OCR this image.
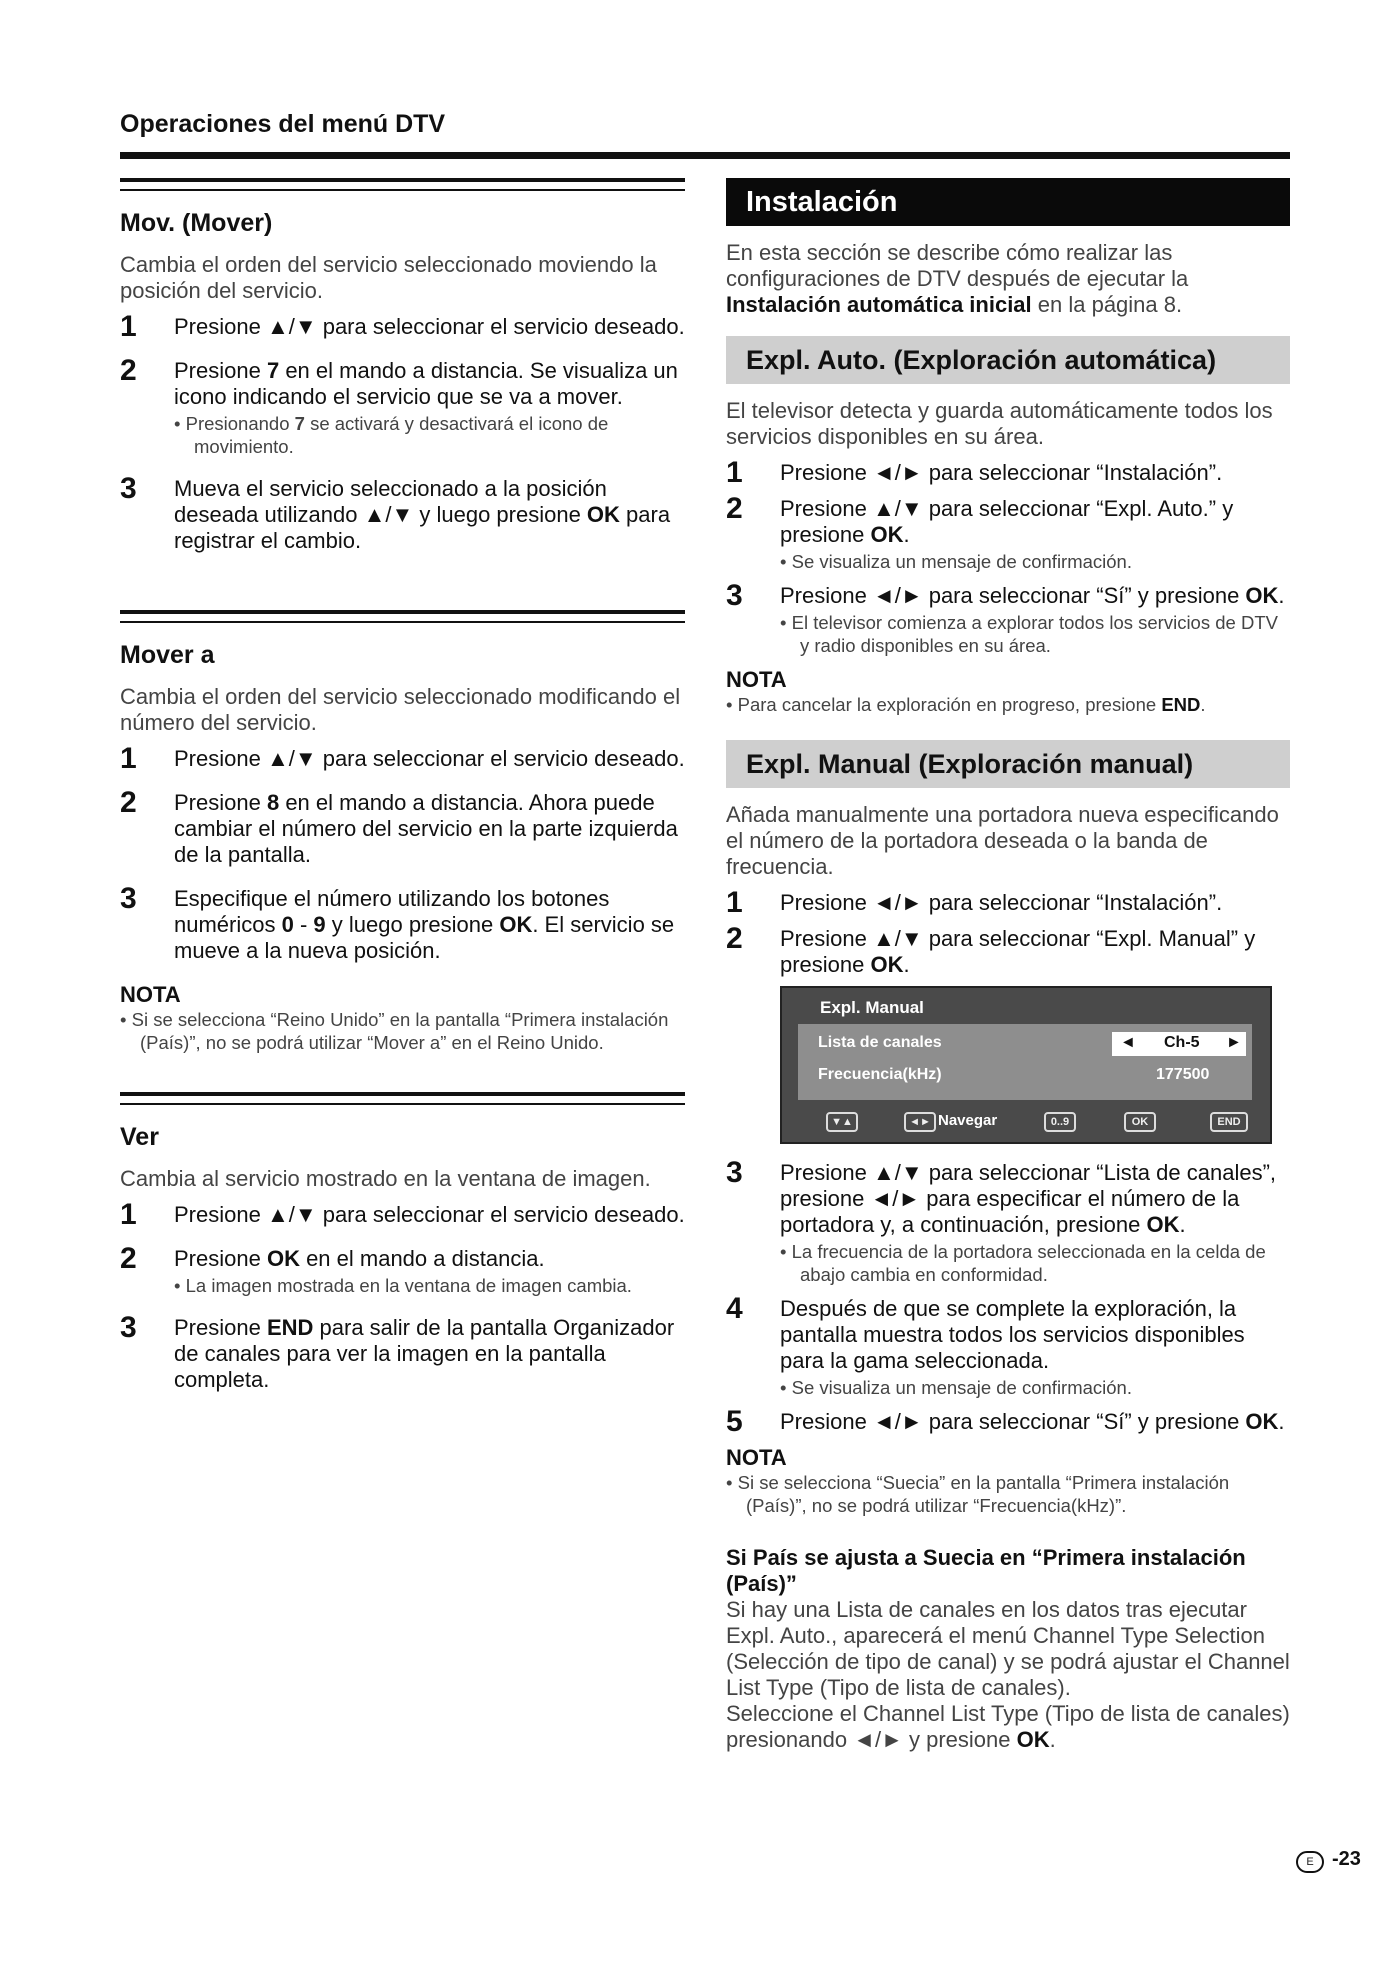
Operaciones del menú DTV
Mov. (Mover)
Cambia el orden del servicio seleccionado moviendo la posición del servicio.
1 Presione ▲/▼ para seleccionar el servicio deseado.
2 Presione 7 en el mando a distancia. Se visualiza un icono indicando el servicio que se va a mover.
• Presionando 7 se activará y desactivará el icono de movimiento.
3 Mueva el servicio seleccionado a la posición deseada utilizando ▲/▼ y luego presione OK para registrar el cambio.
Mover a
Cambia el orden del servicio seleccionado modificando el número del servicio.
1 Presione ▲/▼ para seleccionar el servicio deseado.
2 Presione 8 en el mando a distancia. Ahora puede cambiar el número del servicio en la parte izquierda de la pantalla.
3 Especifique el número utilizando los botones numéricos 0 - 9 y luego presione OK. El servicio se mueve a la nueva posición.
NOTA
• Si se selecciona “Reino Unido” en la pantalla “Primera instalación (País)”, no se podrá utilizar “Mover a” en el Reino Unido.
Ver
Cambia al servicio mostrado en la ventana de imagen.
1 Presione ▲/▼ para seleccionar el servicio deseado.
2 Presione OK en el mando a distancia.
• La imagen mostrada en la ventana de imagen cambia.
3 Presione END para salir de la pantalla Organizador de canales para ver la imagen en la pantalla completa.
Instalación
En esta sección se describe cómo realizar las configuraciones de DTV después de ejecutar la Instalación automática inicial en la página 8.
Expl. Auto. (Exploración automática)
El televisor detecta y guarda automáticamente todos los servicios disponibles en su área.
1 Presione ◄/► para seleccionar “Instalación”.
2 Presione ▲/▼ para seleccionar “Expl. Auto.” y presione OK.
• Se visualiza un mensaje de confirmación.
3 Presione ◄/► para seleccionar “Sí” y presione OK.
• El televisor comienza a explorar todos los servicios de DTV y radio disponibles en su área.
NOTA
• Para cancelar la exploración en progreso, presione END.
Expl. Manual (Exploración manual)
Añada manualmente una portadora nueva especificando el número de la portadora deseada o la banda de frecuencia.
1 Presione ◄/► para seleccionar “Instalación”.
2 Presione ▲/▼ para seleccionar “Expl. Manual” y presione OK.
Expl. Manual
Lista de canales	◄ Ch-5 ►
Frecuencia(kHz)	177500
▼▲	◄► Navegar	0..9	OK	END
3 Presione ▲/▼ para seleccionar “Lista de canales”, presione ◄/► para especificar el número de la portadora y, a continuación, presione OK.
• La frecuencia de la portadora seleccionada en la celda de abajo cambia en conformidad.
4 Después de que se complete la exploración, la pantalla muestra todos los servicios disponibles para la gama seleccionada.
• Se visualiza un mensaje de confirmación.
5 Presione ◄/► para seleccionar “Sí” y presione OK.
NOTA
• Si se selecciona “Suecia” en la pantalla “Primera instalación (País)”, no se podrá utilizar “Frecuencia(kHz)”.
Si País se ajusta a Suecia en “Primera instalación (País)”
Si hay una Lista de canales en los datos tras ejecutar Expl. Auto., aparecerá el menú Channel Type Selection (Selección de tipo de canal) y se podrá ajustar el Channel List Type (Tipo de lista de canales).
Seleccione el Channel List Type (Tipo de lista de canales) presionando ◄/► y presione OK.
E -23
